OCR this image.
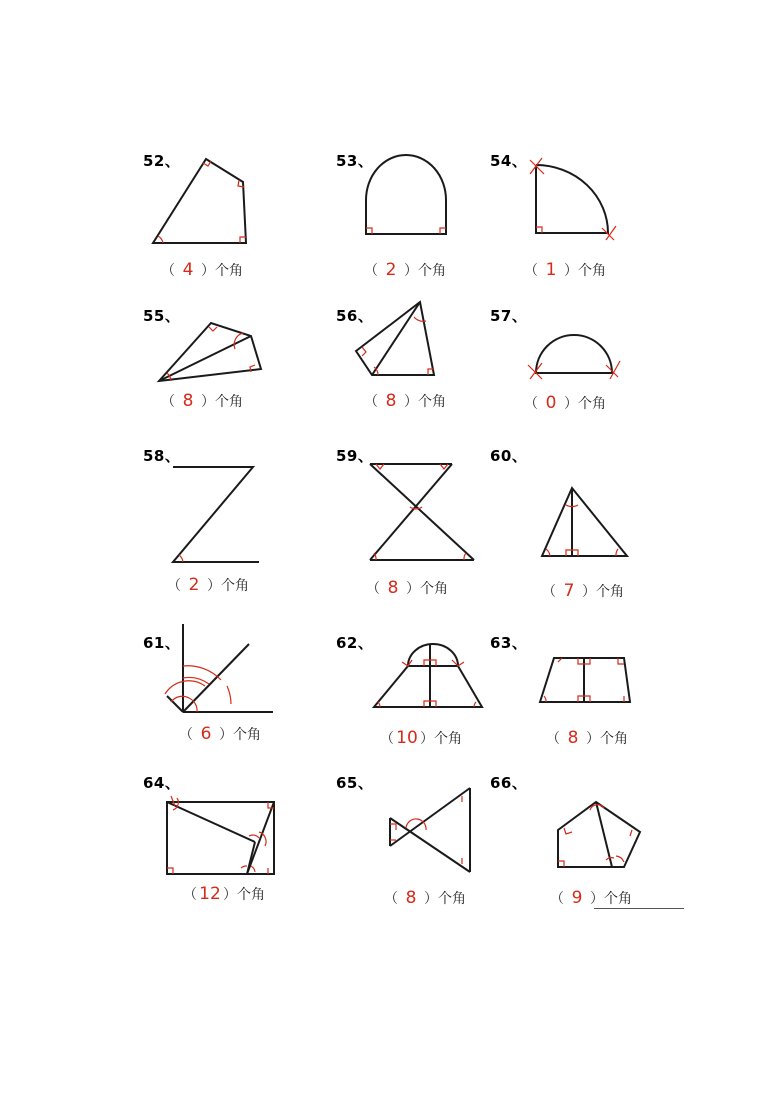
52、
（ 4 ）个角
53、
（ 2 ）个角
54、
（ 1 ）个角
55、
（ 8 ）个角
56、
（ 8 ）个角
57、
（ 0 ）个角
58、
（ 2 ）个角
59、
（ 8 ）个角
60、
（ 7 ）个角
61、
（ 6 ）个角
62、
（ 10 ）个角
63、
（ 8 ）个角
64、
（ 12 ）个角
65、
（ 8 ）个角
66、
（ 9 ）个角
